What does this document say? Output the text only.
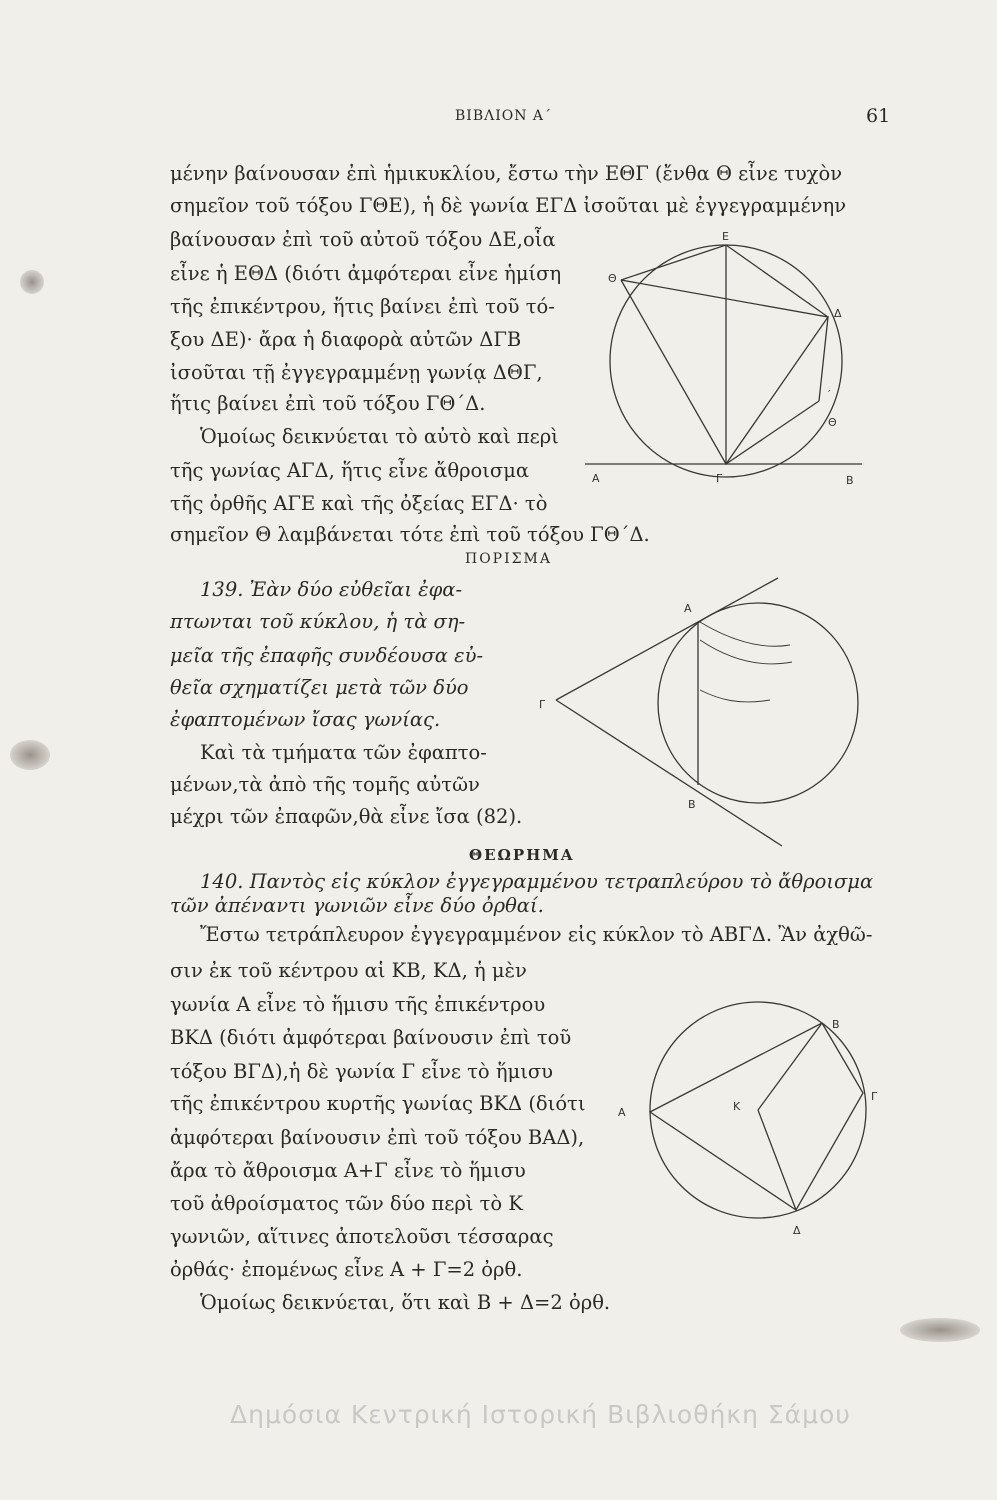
ΒΙΒΛΙΟΝ Α΄	61
μένην βαίνουσαν ἐπὶ ἡμικυκλίου, ἔστω τὴν ΕΘΓ (ἔνθα Θ εἶνε τυχὸν
σημεῖον τοῦ τόξου ΓΘΕ), ἡ δὲ γωνία ΕΓΔ ἰσοῦται μὲ ἐγγεγραμμένην
βαίνουσαν ἐπὶ τοῦ αὐτοῦ τόξου ΔΕ,οἷα
εἶνε ἡ ΕΘΔ (διότι ἀμφότεραι εἶνε ἡμίση
τῆς ἐπικέντρου, ἥτις βαίνει ἐπὶ τοῦ τό-
ξου ΔΕ)· ἄρα ἡ διαφορὰ αὐτῶν ΔΓΒ
ἰσοῦται τῇ ἐγγεγραμμένῃ γωνίᾳ ΔΘΓ,
ἥτις βαίνει ἐπὶ τοῦ τόξου ΓΘ΄Δ.
Ὁμοίως δεικνύεται τὸ αὐτὸ καὶ περὶ
τῆς γωνίας ΑΓΔ, ἥτις εἶνε ἄθροισμα
τῆς ὀρθῆς ΑΓΕ καὶ τῆς ὀξείας ΕΓΔ· τὸ
σημεῖον Θ λαμβάνεται τότε ἐπὶ τοῦ τόξου ΓΘ΄Δ.
ΠΟΡΙΣΜΑ
139. Ἐὰν δύο εὐθεῖαι ἐφα-
πτωνται τοῦ κύκλου, ἡ τὰ ση-
μεῖα τῆς ἐπαφῆς συνδέουσα εὐ-
θεῖα σχηματίζει μετὰ τῶν δύο
ἐφαπτομένων ἴσας γωνίας.
Καὶ τὰ τμήματα τῶν ἐφαπτο-
μένων,τὰ ἀπὸ τῆς τομῆς αὐτῶν
μέχρι τῶν ἐπαφῶν,θὰ εἶνε ἴσα (82).
ΘΕΩΡΗΜΑ
140. Παντὸς εἰς κύκλον ἐγγεγραμμένου τετραπλεύρου τὸ ἄθροισμα
τῶν ἀπέναντι γωνιῶν εἶνε δύο ὀρθαί.
Ἔστω τετράπλευρον ἐγγεγραμμένον εἰς κύκλον τὸ ΑΒΓΔ. Ἂν ἀχθῶ-
σιν ἐκ τοῦ κέντρου αἱ ΚΒ, ΚΔ, ἡ μὲν
γωνία Α εἶνε τὸ ἥμισυ τῆς ἐπικέντρου
ΒΚΔ (διότι ἀμφότεραι βαίνουσιν ἐπὶ τοῦ
τόξου ΒΓΔ),ἡ δὲ γωνία Γ εἶνε τὸ ἥμισυ
τῆς ἐπικέντρου κυρτῆς γωνίας ΒΚΔ (διότι
ἀμφότεραι βαίνουσιν ἐπὶ τοῦ τόξου ΒΑΔ),
ἄρα τὸ ἄθροισμα Α+Γ εἶνε τὸ ἥμισυ
τοῦ ἀθροίσματος τῶν δύο περὶ τὸ Κ
γωνιῶν, αἵτινες ἀποτελοῦσι τέσσαρας
ὀρθάς· ἐπομένως εἶνε Α + Γ=2 ὀρθ.
Ὁμοίως δεικνύεται, ὅτι καὶ Β + Δ=2 ὀρθ.
Ε
Θ
Δ
′
Θ
Α	Γ	Β
Α
Γ
Β
Β
Α	Κ
Γ
Δ
Δημόσια Κεντρική Ιστορική Βιβλιοθήκη Σάμου
